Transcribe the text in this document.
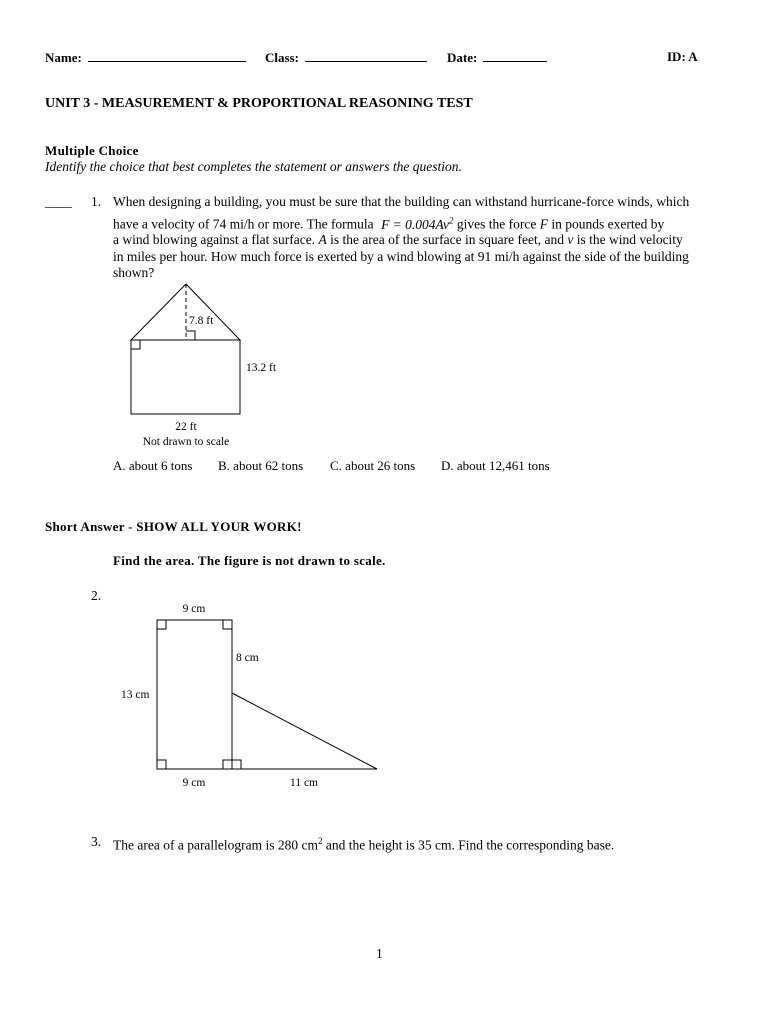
Name:	Class:	Date:	ID: A
UNIT 3 - MEASUREMENT & PROPORTIONAL REASONING TEST
Multiple Choice
Identify the choice that best completes the statement or answers the question.
____ 1. When designing a building, you must be sure that the building can withstand hurricane-force winds, which
have a velocity of 74 mi/h or more. The formula $F = 0.004Av^2$ gives the force F in pounds exerted by
a wind blowing against a flat surface. A is the area of the surface in square feet, and v is the wind velocity
in miles per hour. How much force is exerted by a wind blowing at 91 mi/h against the side of the building
shown?
7.8 ft
13.2 ft
22 ft
Not drawn to scale
A. about 6 tons B. about 62 tons C. about 26 tons D. about 12,461 tons
Short Answer - SHOW ALL YOUR WORK!
Find the area. The figure is not drawn to scale.
2.
9 cm
8 cm
13 cm
9 cm	11 cm
3. The area of a parallelogram is 280 $cm^2$ and the height is 35 cm. Find the corresponding base.
1
